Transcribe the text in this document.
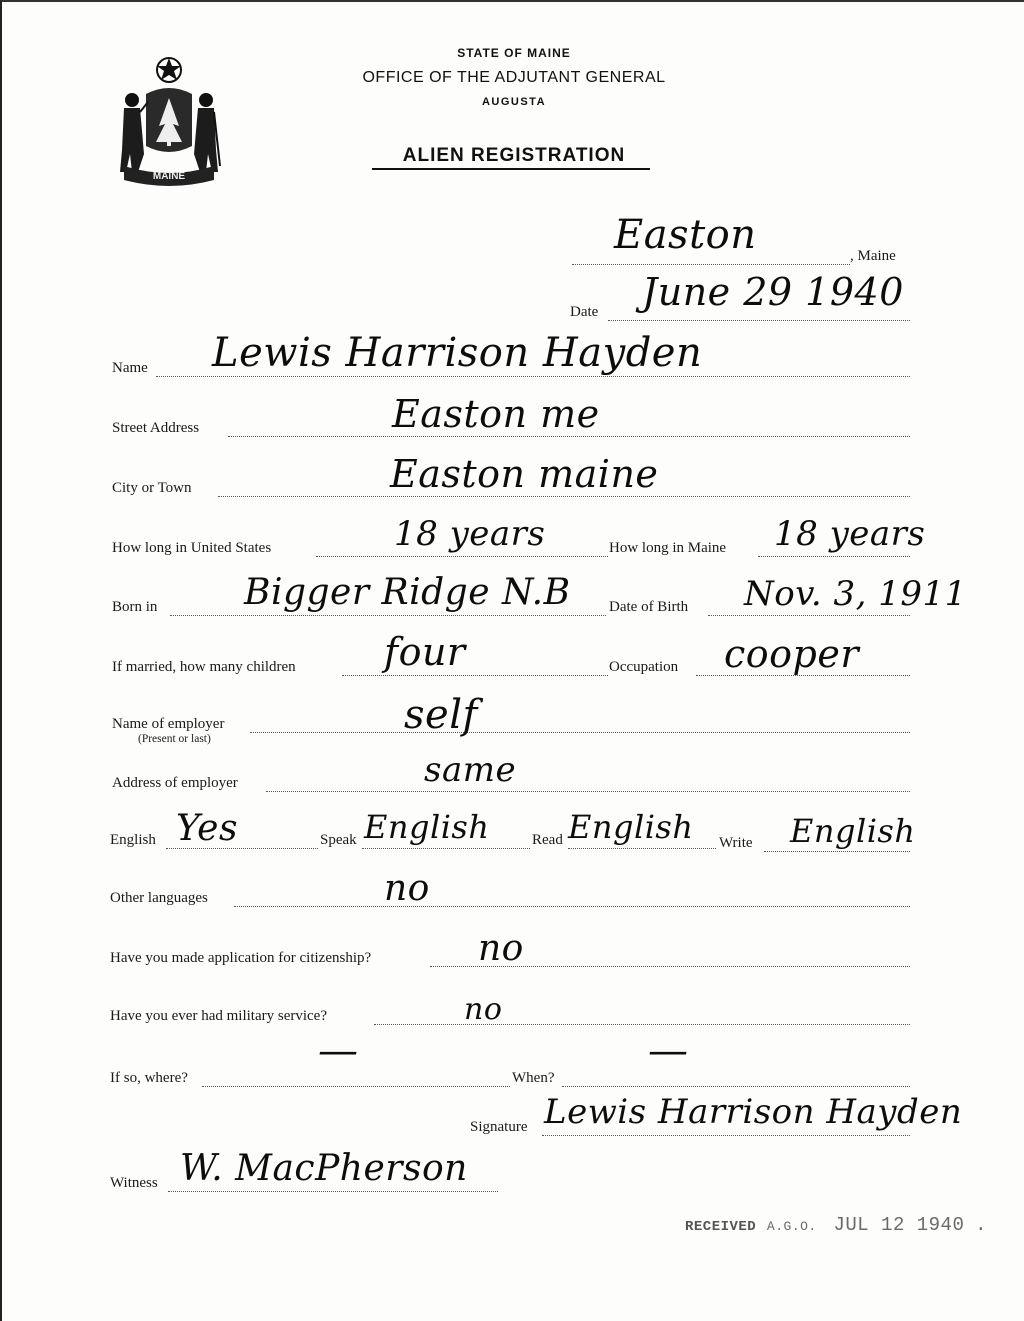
MAINE
STATE OF MAINE
OFFICE OF THE ADJUTANT GENERAL
AUGUSTA
ALIEN REGISTRATION
Easton	, Maine
Date June 29 1940
Name Lewis Harrison Hayden
Street Address	Easton me
City or Town	Easton maine
How long in United States	18 years	How long in Maine 18 years
Born in Bigger Ridge N.B	Date of Birth Nov. 3, 1911
If married, how many children four	Occupation cooper
Name of employer
(Present or last)
self
Address of employer	same
English Yes	Speak English	Read English Write English
Other languages	no
Have you made application for citizenship?	no
Have you ever had military service?	no
If so, where?
—
When?
—
Signature Lewis Harrison Hayden
Witness W. MacPherson
RECEIVED A.G.O. JUL 12 1940 .
